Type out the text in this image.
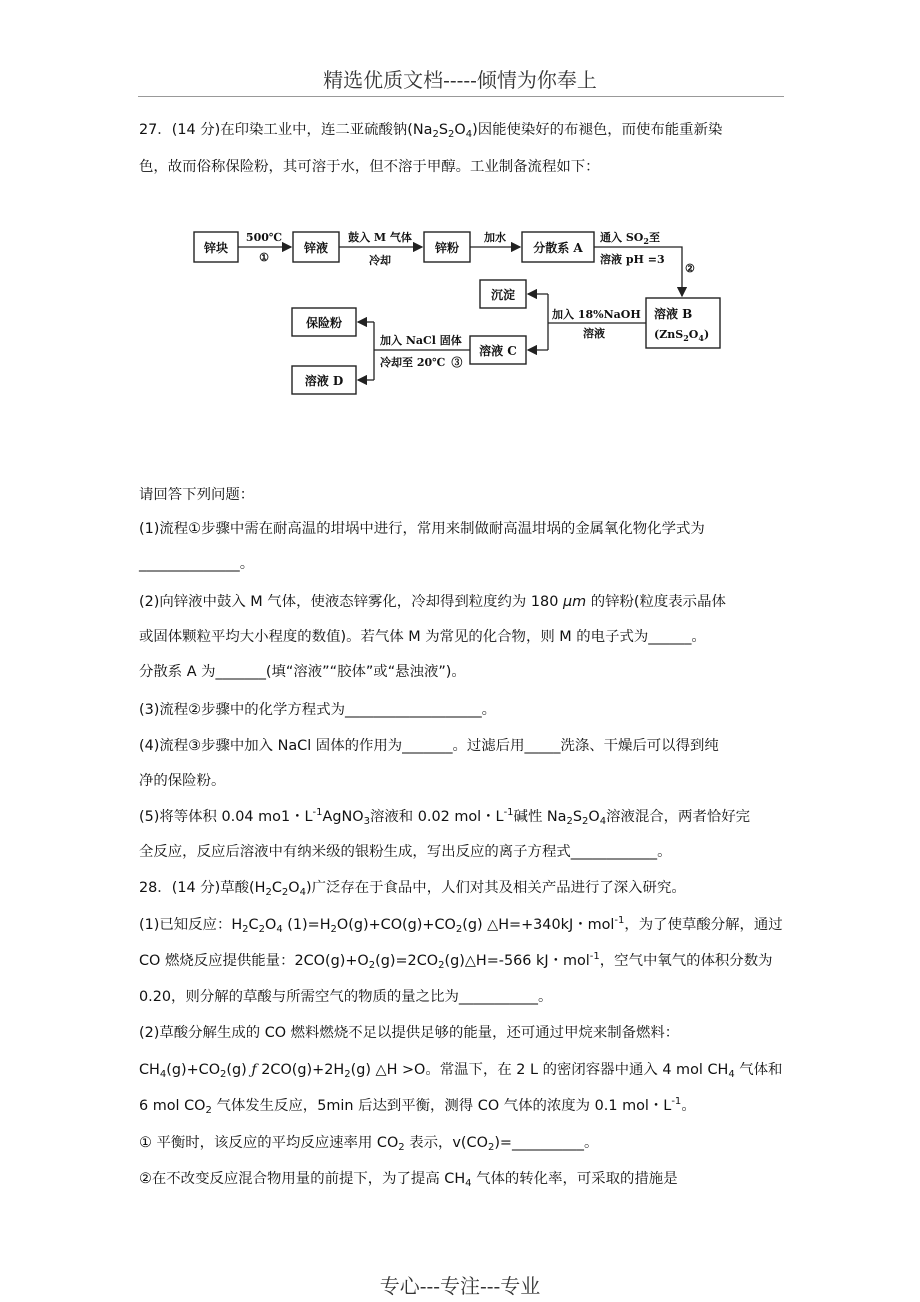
精选优质文档-----倾情为你奉上
27．(14 分)在印染工业中，连二亚硫酸钠$(Na_2S_2O_4)$因能使染好的布褪色，而使布能重新染
色，故而俗称保险粉，其可溶于水，但不溶于甲醇。工业制备流程如下：
锌块	锌液	锌粉	分散系 A
500℃
①
鼓入 M 气体
冷却
加水	通入 $SO_2$至
溶液 pH =3
②
溶液 B
$(ZnS_2O_4)$
沉淀
溶液 C
加入 18%NaOH
溶液
保险粉
溶液 D
加入 NaCl 固体
冷却至 20℃ ③
请回答下列问题：
(1)流程①步骤中需在耐高温的坩埚中进行，常用来制做耐高温坩埚的金属氧化物化学式为
______________。
(2)向锌液中鼓入 M 气体，使液态锌雾化，冷却得到粒度约为 180 μm 的锌粉(粒度表示晶体
或固体颗粒平均大小程度的数值)。若气体 M 为常见的化合物，则 M 的电子式为______。
分散系 A 为_______(填“溶液”“胶体”或“悬浊液”)。
(3)流程②步骤中的化学方程式为___________________。
(4)流程③步骤中加入 NaCl 固体的作用为_______。过滤后用_____洗涤、干燥后可以得到纯
净的保险粉。
(5)将等体积 0.04 mo1・$L^{-1}AgNO_3$溶液和 0.02 mol・$L^{-1}$碱性 $Na_2S_2O_4$溶液混合，两者恰好完
全反应，反应后溶液中有纳米级的银粉生成，写出反应的离子方程式____________。
28．(14 分)草酸$(H_2C_2O_4)$广泛存在于食品中，人们对其及相关产品进行了深入研究。
(1)已知反应：$H_2C_2O_4$ $(1)=H_2O(g)+CO(g)+CO_2(g)$ △H=+340kJ・mol$^{-1}$，为了使草酸分解，通过
CO 燃烧反应提供能量：$2CO(g)+O_2(g)=2CO_2(g)\triangle H=-566$ kJ・mol$^{-1}$，空气中氧气的体积分数为
0.20，则分解的草酸与所需空气的物质的量之比为___________。
(2)草酸分解生成的 CO 燃料燃烧不足以提供足够的能量，还可通过甲烷来制备燃料：
$CH_4(g)+CO_2(g)$ ƒ $2CO(g)+2H_2(g)$ △H >O。常温下，在 2 L 的密闭容器中通入 4 mol $CH_4$ 气体和
6 mol $CO_2$ 气体发生反应，5min 后达到平衡，测得 CO 气体的浓度为 0.1 mol・$L^{-1}$。
① 平衡时，该反应的平均反应速率用 $CO_2$ 表示，$v(CO_2)=\_\_\_\_\_\_\_\_\_\_$。
②在不改变反应混合物用量的前提下，为了提高 $CH_4$ 气体的转化率，可采取的措施是
专心---专注---专业
